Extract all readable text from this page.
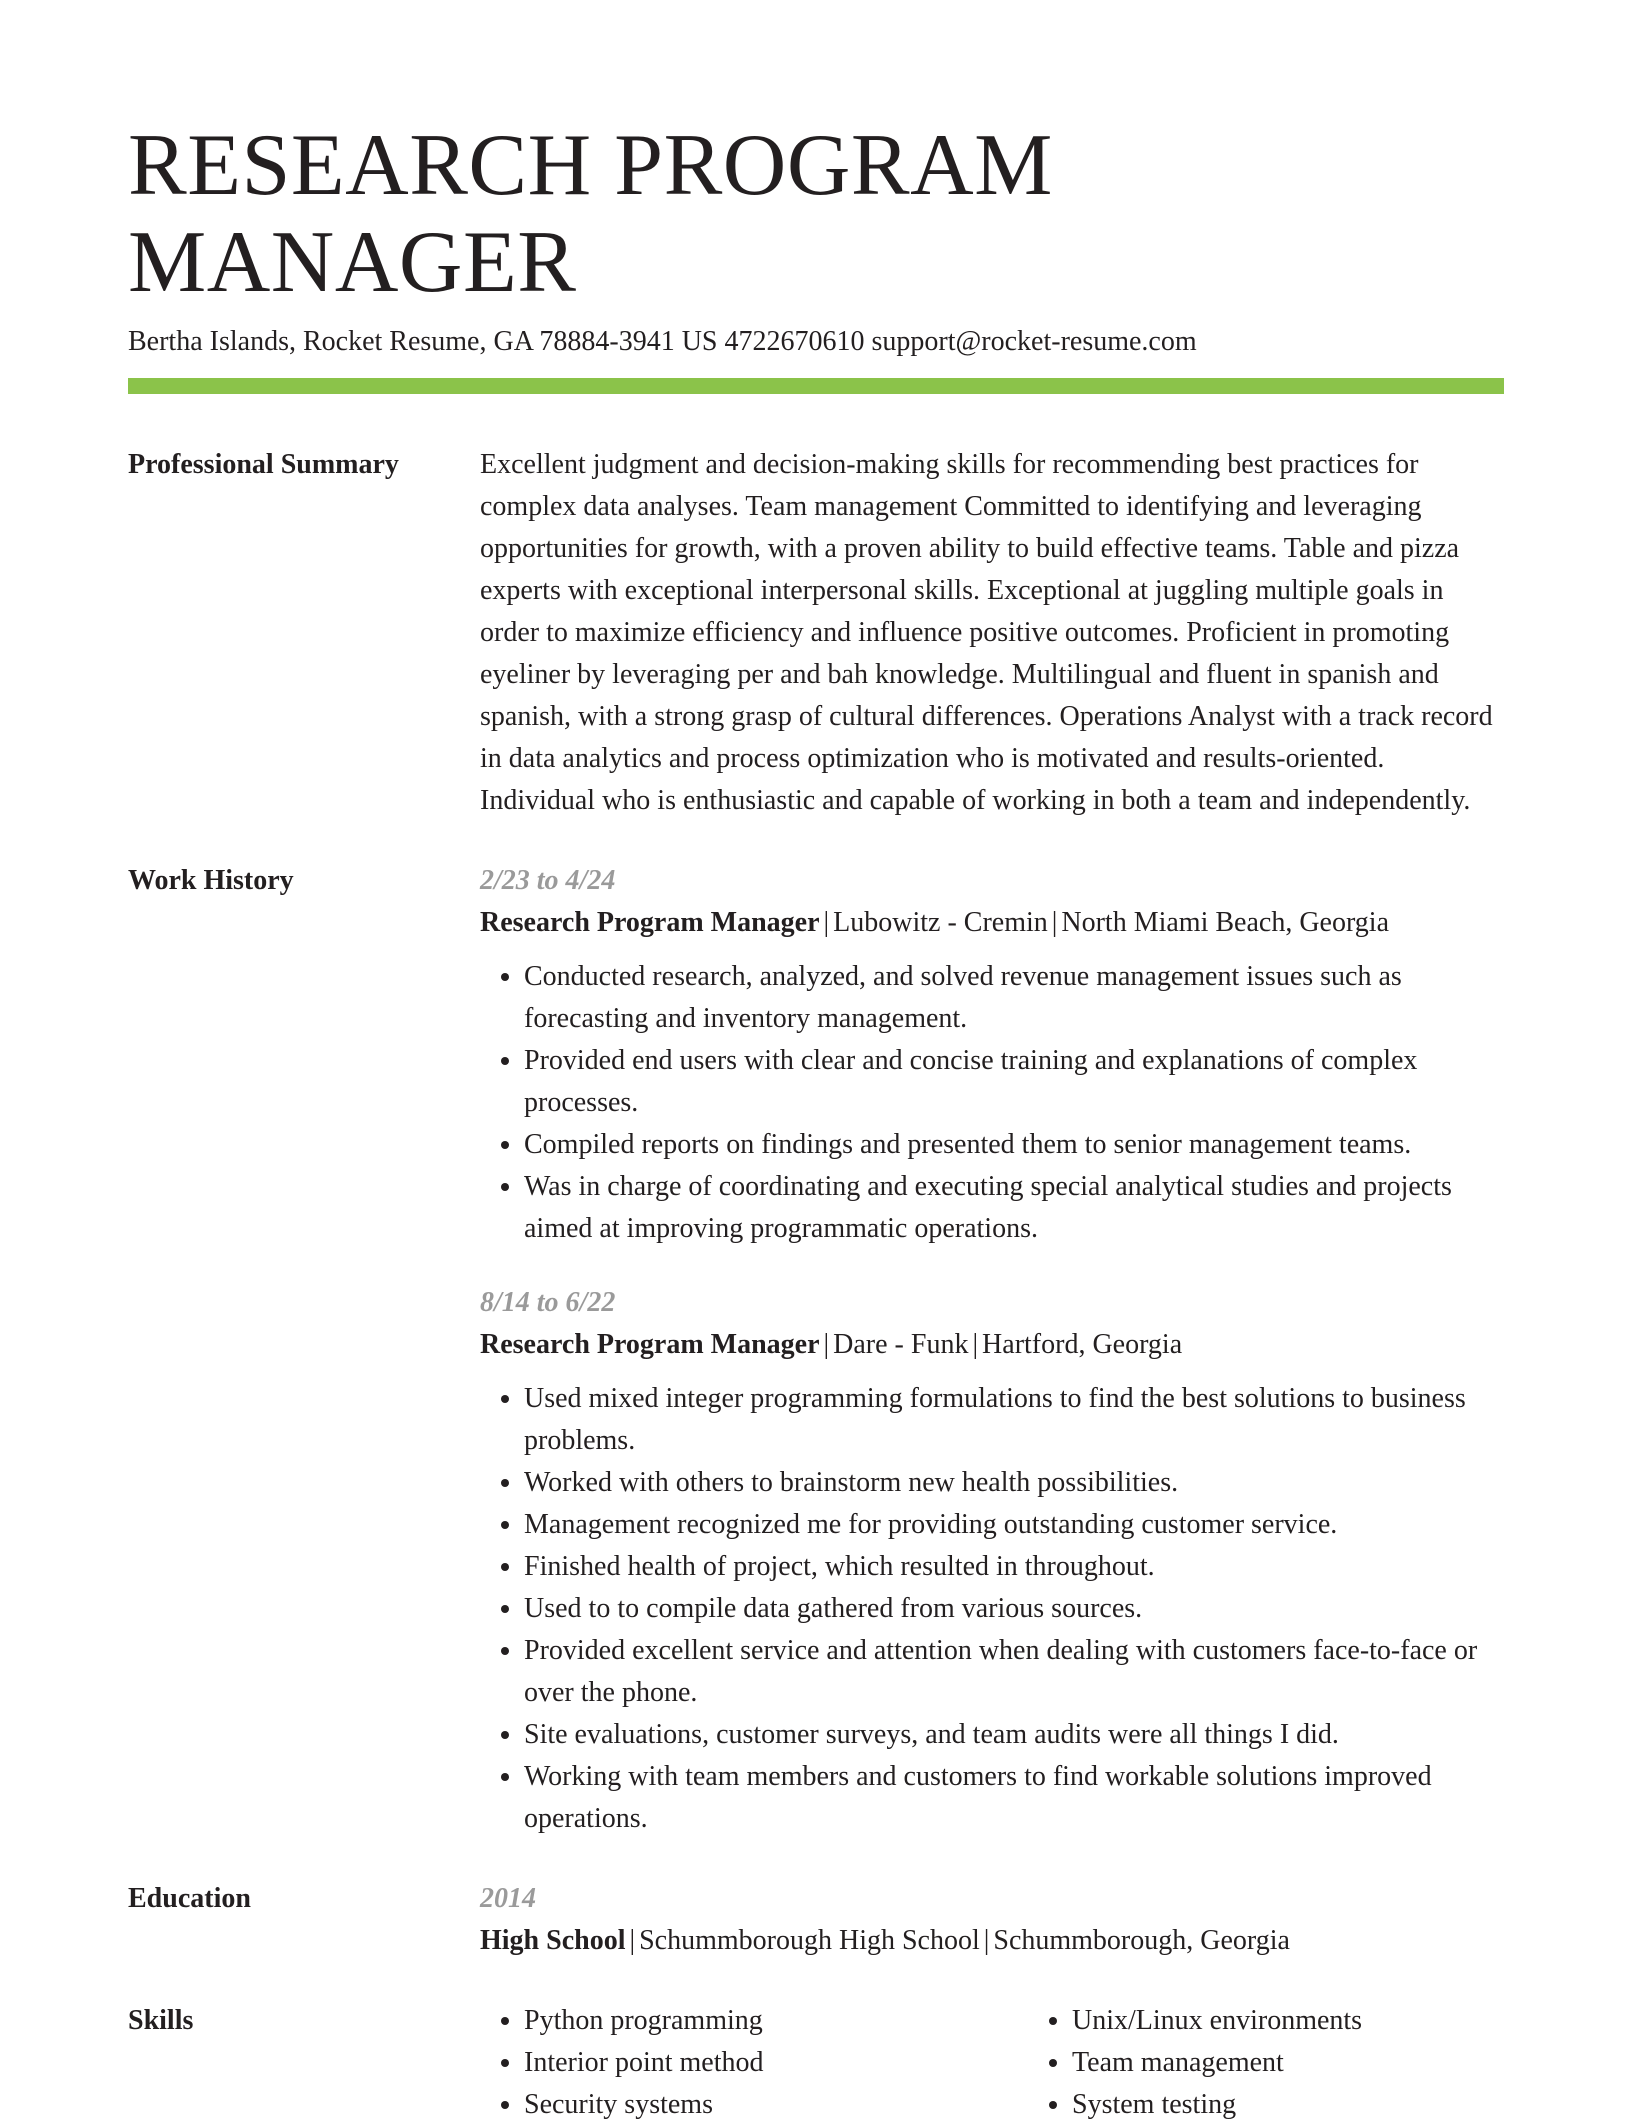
RESEARCH PROGRAM MANAGER
Bertha Islands, Rocket Resume, GA 78884-3941 US 4722670610 support@rocket-resume.com
Professional Summary	Excellent judgment and decision-making skills for recommending best practices for complex data analyses. Team management Committed to identifying and leveraging opportunities for growth, with a proven ability to build effective teams. Table and pizza experts with exceptional interpersonal skills. Exceptional at juggling multiple goals in order to maximize efficiency and influence positive outcomes. Proficient in promoting eyeliner by leveraging per and bah knowledge. Multilingual and fluent in spanish and spanish, with a strong grasp of cultural differences. Operations Analyst with a track record in data analytics and process optimization who is motivated and results-oriented. Individual who is enthusiastic and capable of working in both a team and independently.

Work History	2/23 to 4/24
Research Program Manager | Lubowitz - Cremin | North Miami Beach, Georgia
• Conducted research, analyzed, and solved revenue management issues such as forecasting and inventory management.
• Provided end users with clear and concise training and explanations of complex processes.
• Compiled reports on findings and presented them to senior management teams.
• Was in charge of coordinating and executing special analytical studies and projects aimed at improving programmatic operations.
8/14 to 6/22
Research Program Manager | Dare - Funk | Hartford, Georgia
• Used mixed integer programming formulations to find the best solutions to business problems.
• Worked with others to brainstorm new health possibilities.
• Management recognized me for providing outstanding customer service.
• Finished health of project, which resulted in throughout.
• Used to to compile data gathered from various sources.
• Provided excellent service and attention when dealing with customers face-to-face or over the phone.
• Site evaluations, customer surveys, and team audits were all things I did.
• Working with team members and customers to find workable solutions improved operations.
Education	2014

High School | Schummborough High School | Schummborough, Georgia

Skills
•	Python programming
• Interior point method
• Security systems
• Unix/Linux environments
• Team management
• System testing
